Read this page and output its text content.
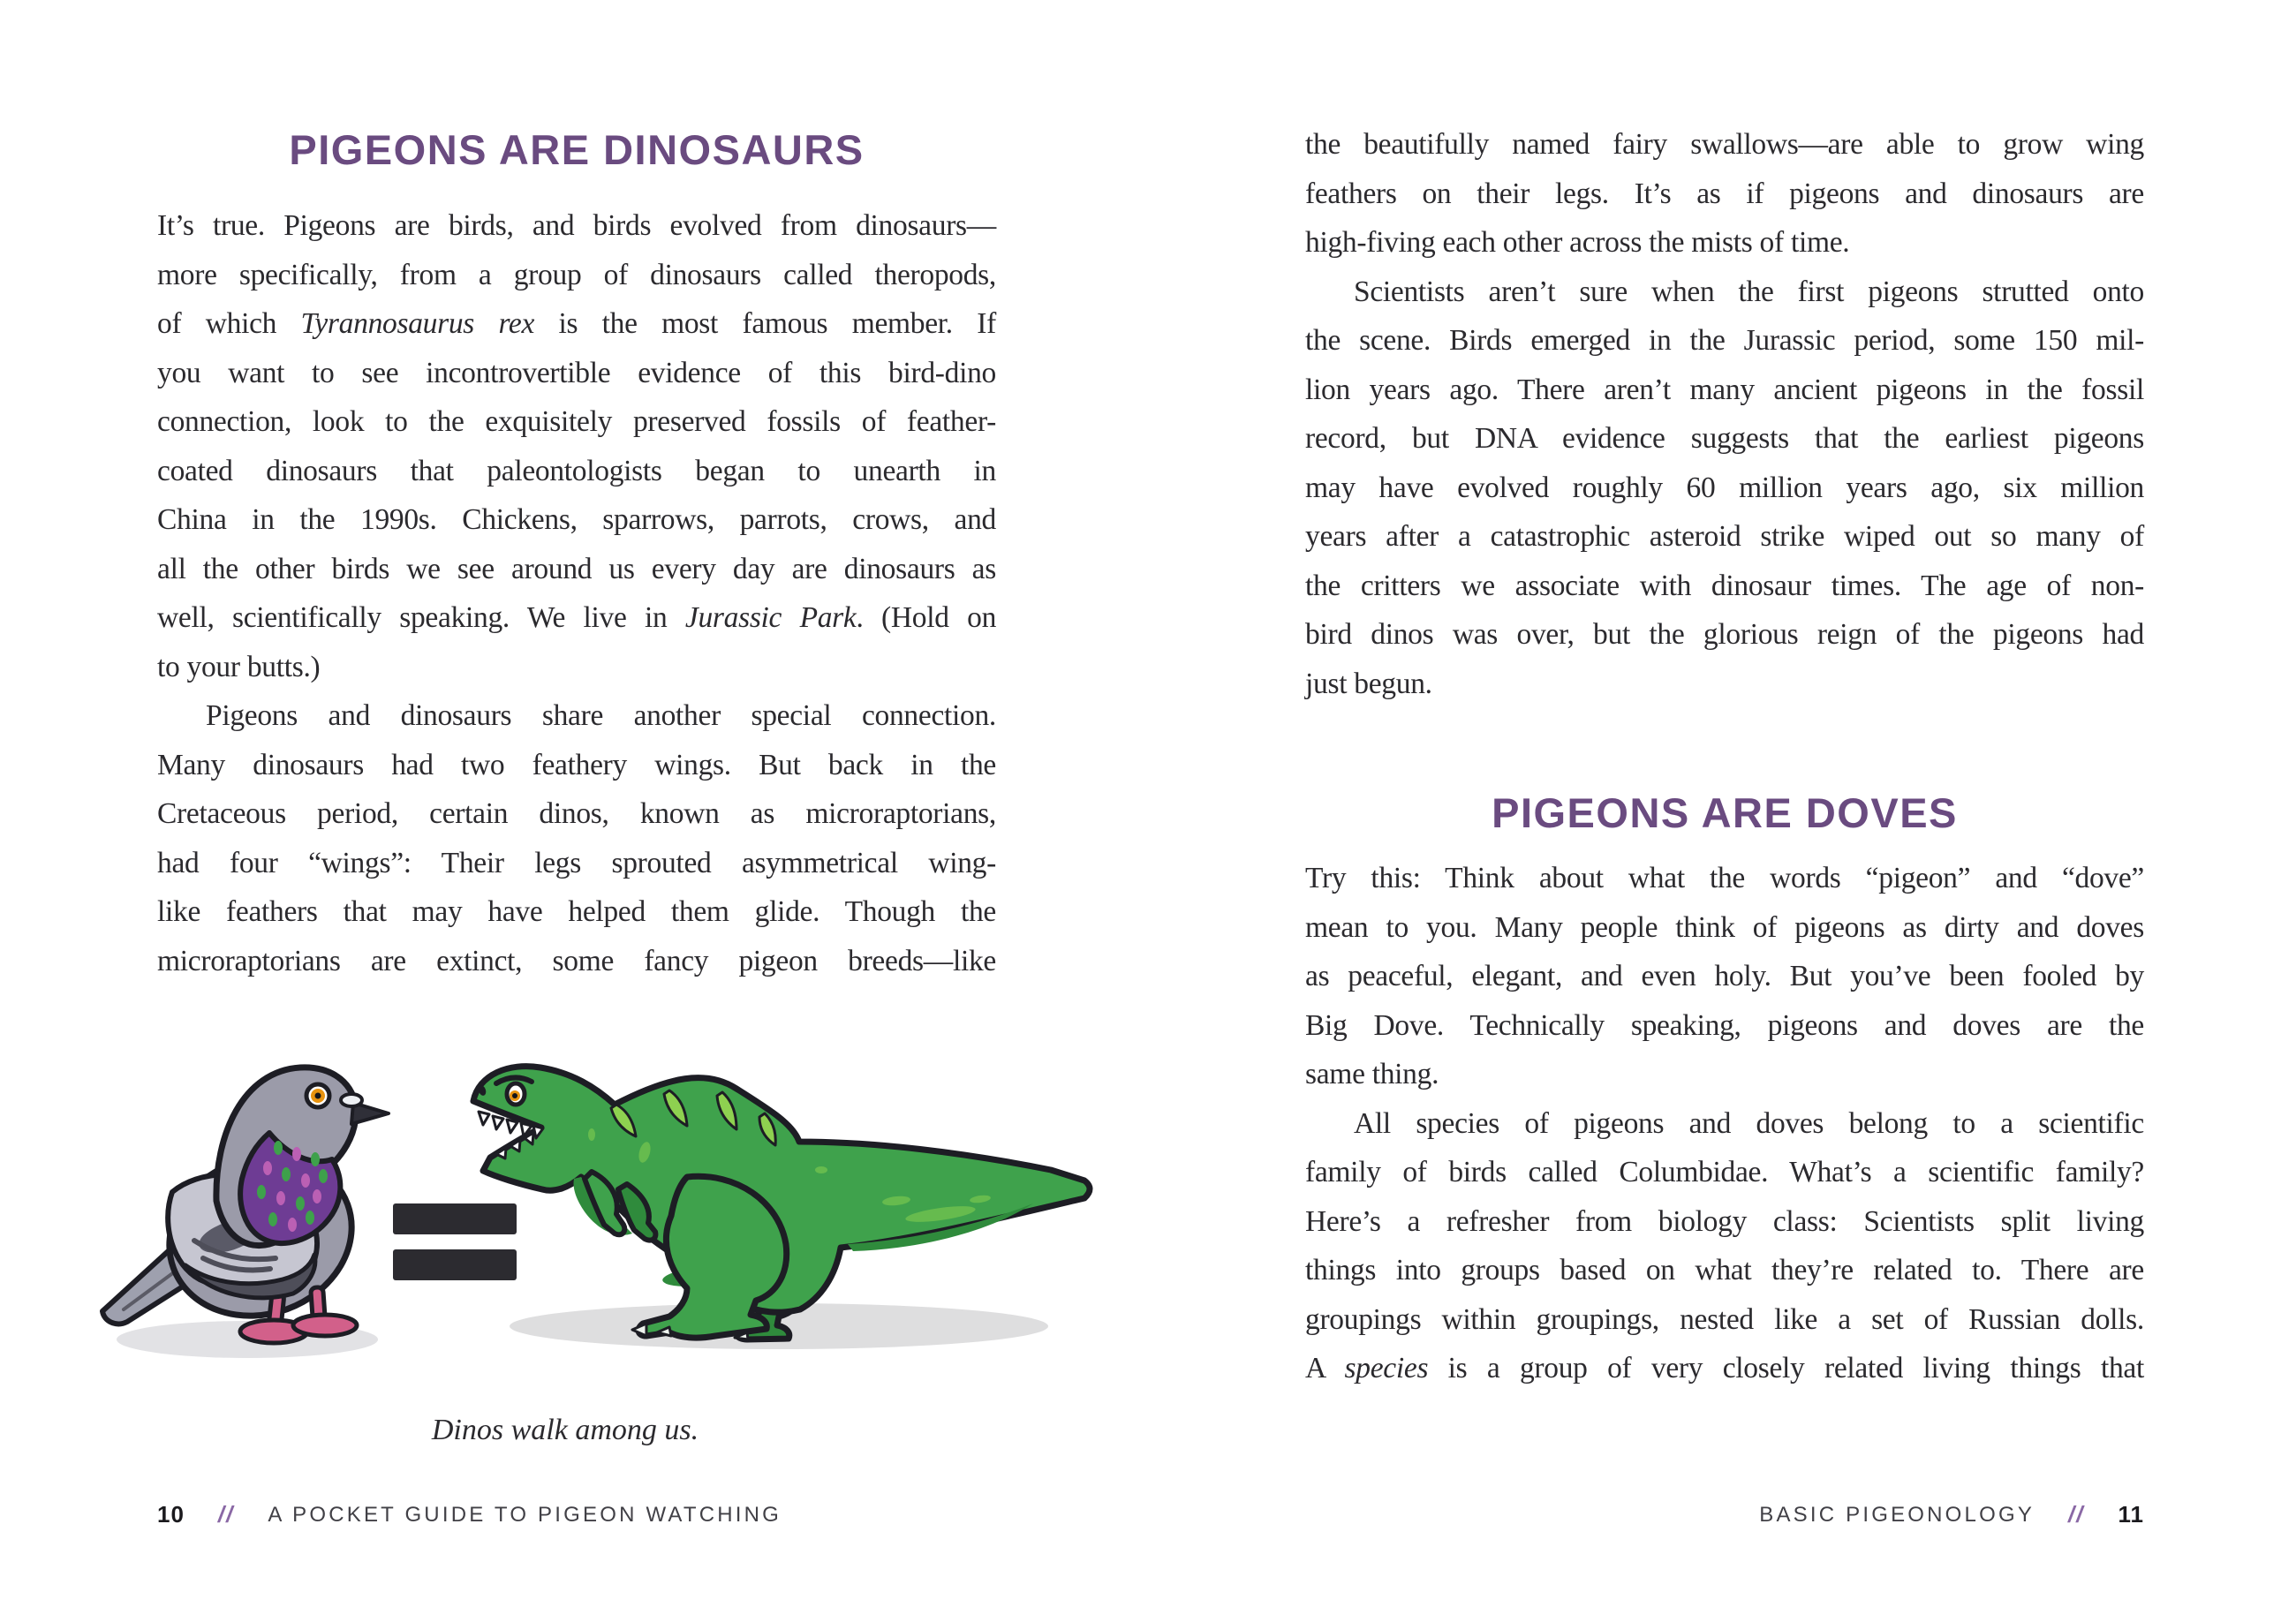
PIGEONS ARE DINOSAURS
It’s true. Pigeons are birds, and birds evolved from dinosaurs—
more specifically, from a group of dinosaurs called theropods,
of which Tyrannosaurus rex is the most famous member. If
you want to see incontrovertible evidence of this bird-dino
connection, look to the exquisitely preserved fossils of feather-
coated dinosaurs that paleontologists began to unearth in
China in the 1990s. Chickens, sparrows, parrots, crows, and
all the other birds we see around us every day are dinosaurs as
well, scientifically speaking. We live in Jurassic Park. (Hold on
to your butts.)
Pigeons and dinosaurs share another special connection.
Many dinosaurs had two feathery wings. But back in the
Cretaceous period, certain dinos, known as microraptorians,
had four “wings”: Their legs sprouted asymmetrical wing-
like feathers that may have helped them glide. Though the
microraptorians are extinct, some fancy pigeon breeds—like
Dinos walk among us.
10 // A POCKET GUIDE TO PIGEON WATCHING
the beautifully named fairy swallows—are able to grow wing
feathers on their legs. It’s as if pigeons and dinosaurs are
high-fiving each other across the mists of time.
Scientists aren’t sure when the first pigeons strutted onto
the scene. Birds emerged in the Jurassic period, some 150 mil-
lion years ago. There aren’t many ancient pigeons in the fossil
record, but DNA evidence suggests that the earliest pigeons
may have evolved roughly 60 million years ago, six million
years after a catastrophic asteroid strike wiped out so many of
the critters we associate with dinosaur times. The age of non-
bird dinos was over, but the glorious reign of the pigeons had
just begun.
PIGEONS ARE DOVES
Try this: Think about what the words “pigeon” and “dove”
mean to you. Many people think of pigeons as dirty and doves
as peaceful, elegant, and even holy. But you’ve been fooled by
Big Dove. Technically speaking, pigeons and doves are the
same thing.
All species of pigeons and doves belong to a scientific
family of birds called Columbidae. What’s a scientific family?
Here’s a refresher from biology class: Scientists split living
things into groups based on what they’re related to. There are
groupings within groupings, nested like a set of Russian dolls.
A species is a group of very closely related living things that
BASIC PIGEONOLOGY // 11
